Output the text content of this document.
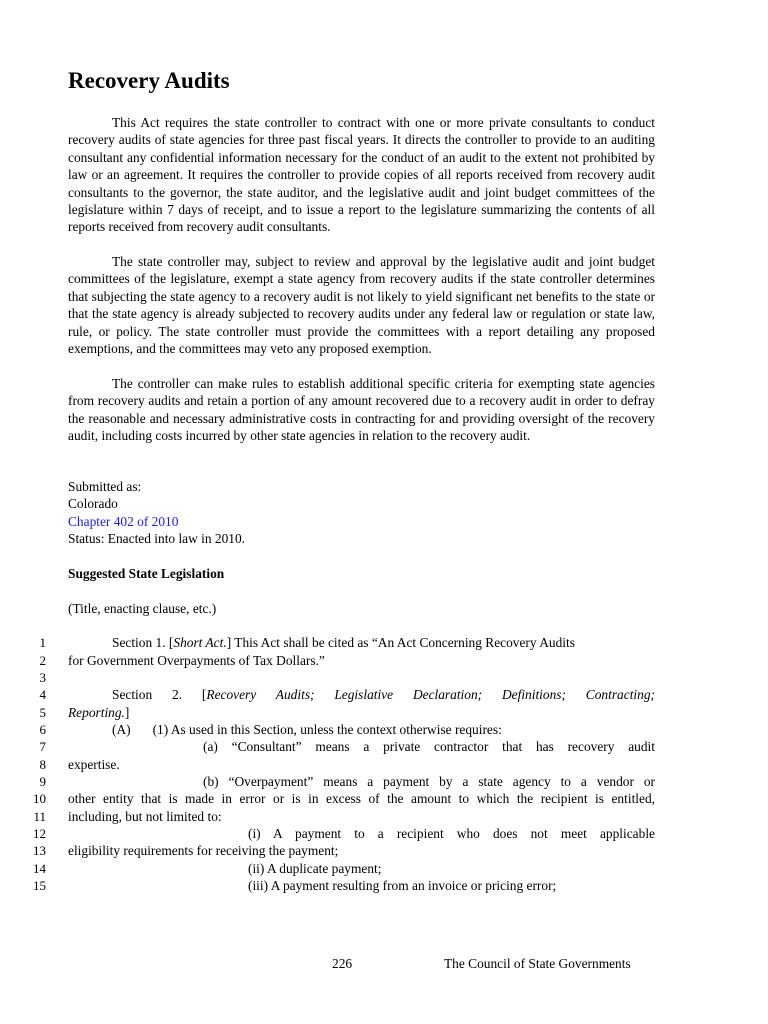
Recovery Audits

This Act requires the state controller to contract with one or more private consultants to conduct recovery audits of state agencies for three past fiscal years. It directs the controller to provide to an auditing consultant any confidential information necessary for the conduct of an audit to the extent not prohibited by law or an agreement. It requires the controller to provide copies of all reports received from recovery audit consultants to the governor, the state auditor, and the legislative audit and joint budget committees of the legislature within 7 days of receipt, and to issue a report to the legislature summarizing the contents of all reports received from recovery audit consultants.

The state controller may, subject to review and approval by the legislative audit and joint budget committees of the legislature, exempt a state agency from recovery audits if the state controller determines that subjecting the state agency to a recovery audit is not likely to yield significant net benefits to the state or that the state agency is already subjected to recovery audits under any federal law or regulation or state law, rule, or policy. The state controller must provide the committees with a report detailing any proposed exemptions, and the committees may veto any proposed exemption.

The controller can make rules to establish additional specific criteria for exempting state agencies from recovery audits and retain a portion of any amount recovered due to a recovery audit in order to defray the reasonable and necessary administrative costs in contracting for and providing oversight of the recovery audit, including costs incurred by other state agencies in relation to the recovery audit.

Submitted as:
Colorado
Chapter 402 of 2010
Status: Enacted into law in 2010.
Suggested State Legislation
(Title, enacting clause, etc.)
1
2
3
4
5
6
7
8
9
10
11
12
13
14
15
Section 1. [Short Act.] This Act shall be cited as “An Act Concerning Recovery Audits
for Government Overpayments of Tax Dollars.”
Section 2. [Recovery Audits; Legislative Declaration; Definitions; Contracting;
Reporting.]
(A) (1) As used in this Section, unless the context otherwise requires:
(a) “Consultant” means a private contractor that has recovery audit
expertise.
(b) “Overpayment” means a payment by a state agency to a vendor or
other entity that is made in error or is in excess of the amount to which the recipient is entitled,
including, but not limited to:
(i) A payment to a recipient who does not meet applicable
eligibility requirements for receiving the payment;
(ii) A duplicate payment;
(iii) A payment resulting from an invoice or pricing error;
226	The Council of State Governments
